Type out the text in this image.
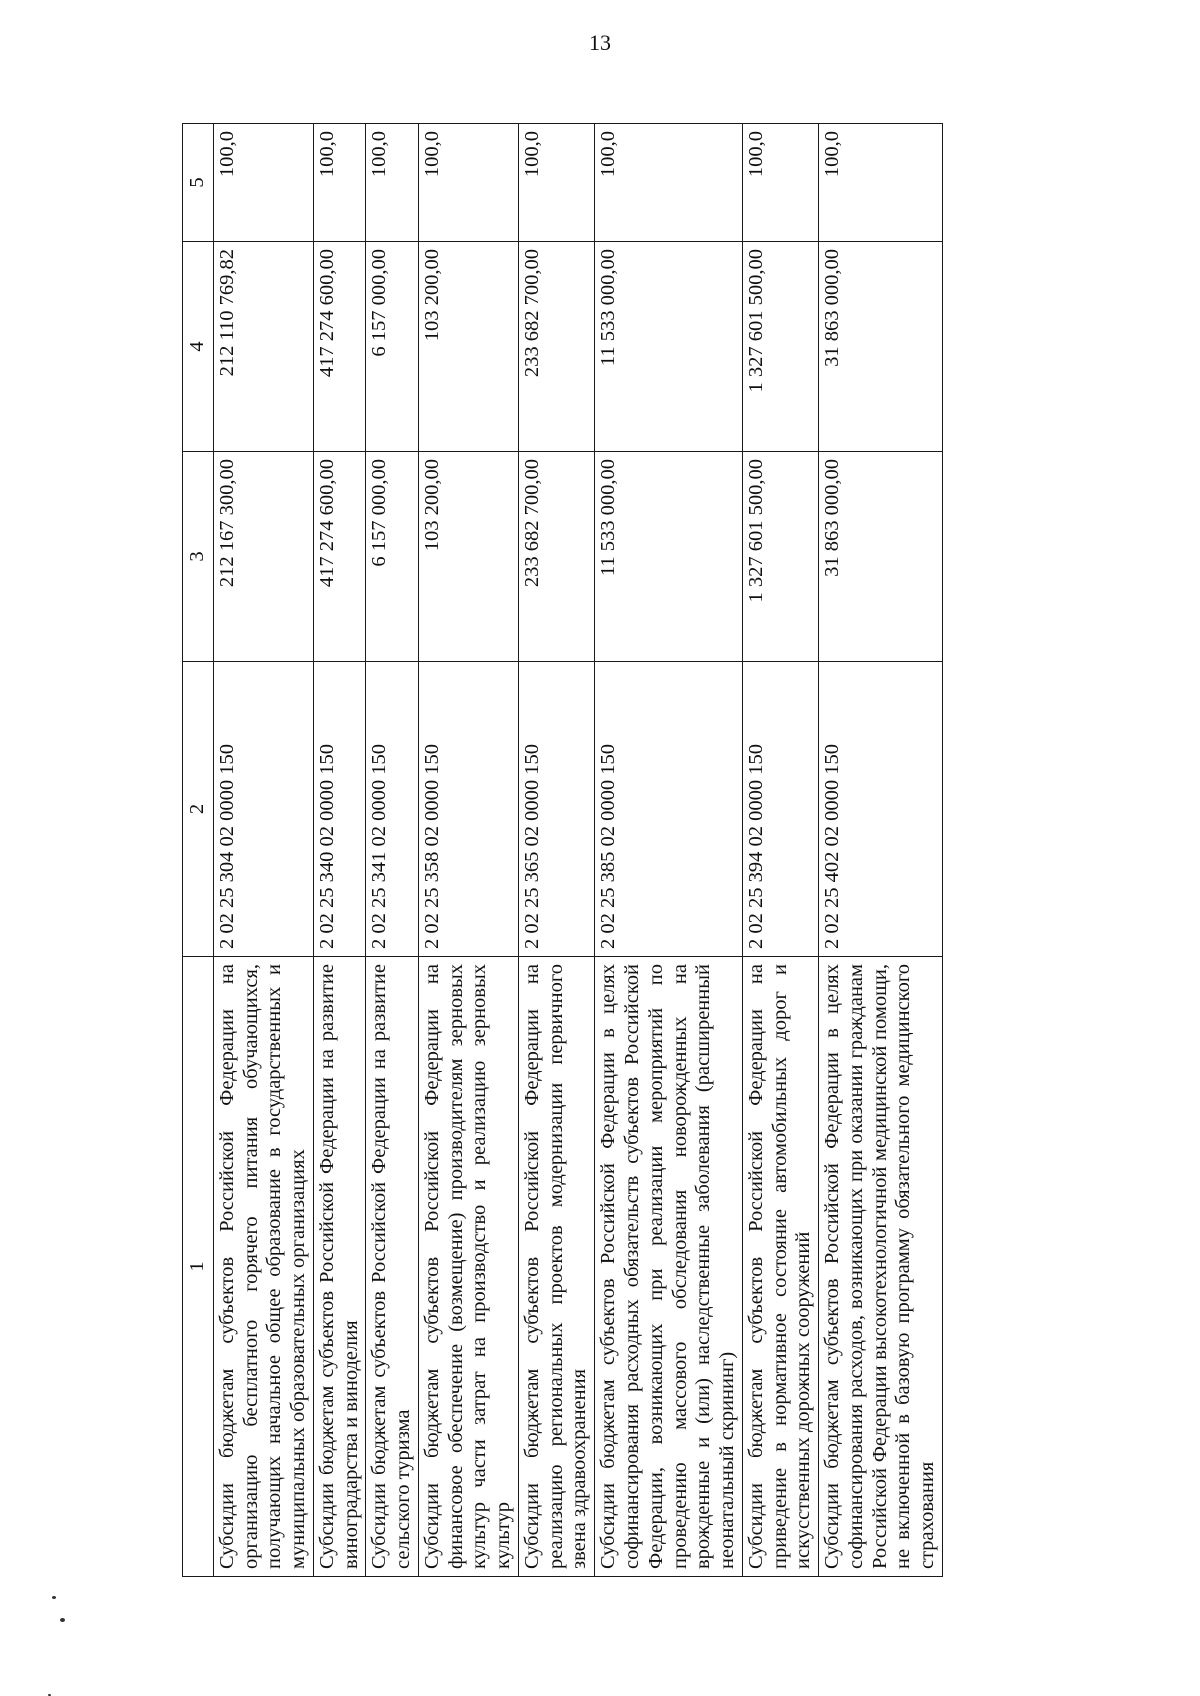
13
1	2	3	4	5
Субсидии бюджетам субъектов Российской Федерации на организацию бесплатного горячего питания обучающихся, получающих начальное общее образование в государственных и муниципальных образовательных организациях	2 02 25 304 02 0000 150	212 167 300,00	212 110 769,82	100,0
Субсидии бюджетам субъектов Российской Федерации на развитие виноградарства и виноделия	2 02 25 340 02 0000 150	417 274 600,00	417 274 600,00	100,0
Субсидии бюджетам субъектов Российской Федерации на развитие сельского туризма	2 02 25 341 02 0000 150	6 157 000,00	6 157 000,00	100,0
Субсидии бюджетам субъектов Российской Федерации на финансовое обеспечение (возмещение) производителям зерновых культур части затрат на производство и реализацию зерновых культур	2 02 25 358 02 0000 150	103 200,00	103 200,00	100,0
Субсидии бюджетам субъектов Российской Федерации на реализацию региональных проектов модернизации первичного звена здравоохранения	2 02 25 365 02 0000 150	233 682 700,00	233 682 700,00	100,0
Субсидии бюджетам субъектов Российской Федерации в целях софинансирования расходных обязательств субъектов Российской Федерации, возникающих при реализации мероприятий по проведению массового обследования новорожденных на врожденные и (или) наследственные заболевания (расширенный неонатальный скрининг)	2 02 25 385 02 0000 150	11 533 000,00	11 533 000,00	100,0
Субсидии бюджетам субъектов Российской Федерации на приведение в нормативное состояние автомобильных дорог и искусственных дорожных сооружений	2 02 25 394 02 0000 150	1 327 601 500,00	1 327 601 500,00	100,0
Субсидии бюджетам субъектов Российской Федерации в целях софинансирования расходов, возникающих при оказании гражданам Российской Федерации высокотехнологичной медицинской помощи, не включенной в базовую программу обязательного медицинского страхования	2 02 25 402 02 0000 150	31 863 000,00	31 863 000,00	100,0
